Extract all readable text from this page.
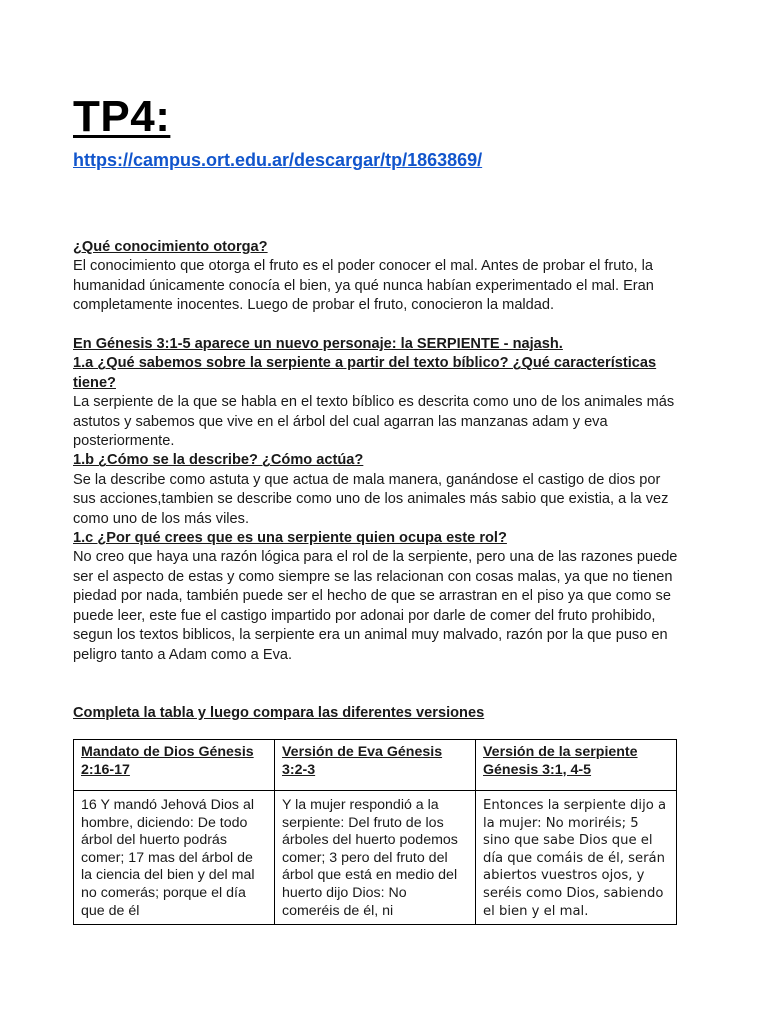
TP4:
https://campus.ort.edu.ar/descargar/tp/1863869/

¿Qué conocimiento otorga?

El conocimiento que otorga el fruto es el poder conocer el mal. Antes de probar el fruto, la humanidad únicamente conocía el bien, ya qué nunca habían experimentado el mal. Eran completamente inocentes. Luego de probar el fruto, conocieron la maldad.

En Génesis 3:1-5 aparece un nuevo personaje: la SERPIENTE - najash.

1.a ¿Qué sabemos sobre la serpiente a partir del texto bíblico? ¿Qué características tiene?

La serpiente de la que se habla en el texto bíblico es descrita como uno de los animales más astutos y sabemos que vive en el árbol del cual agarran las manzanas adam y eva posteriormente.

1.b ¿Cómo se la describe? ¿Cómo actúa?

Se la describe como astuta y que actua de mala manera, ganándose el castigo de dios por sus acciones,tambien se describe como uno de los animales más sabio que existia, a la vez como uno de los más viles.

1.c ¿Por qué crees que es una serpiente quien ocupa este rol?

No creo que haya una razón lógica para el rol de la serpiente, pero una de las razones puede ser el aspecto de estas y como siempre se las relacionan con cosas malas, ya que no tienen piedad por nada, también puede ser el hecho de que se arrastran en el piso ya que como se puede leer, este fue el castigo impartido por adonai por darle de comer del fruto prohibido, segun los textos biblicos, la serpiente era un animal muy malvado, razón por la que puso en peligro tanto a Adam como a Eva.

Completa la tabla y luego compara las diferentes versiones

Mandato de Dios Génesis 2:16-17	Versión de Eva Génesis 3:2-3	Versión de la serpiente Génesis 3:1, 4-5

16 Y mandó Jehová Dios al hombre, diciendo: De todo árbol del huerto podrás comer; 17 mas del árbol de la ciencia del bien y del mal no comerás; porque el día que de él	Y la mujer respondió a la serpiente: Del fruto de los árboles del huerto podemos comer; 3 pero del fruto del árbol que está en medio del huerto dijo Dios: No comeréis de él, ni	Entonces la serpiente dijo a la mujer: No moriréis; 5 sino que sabe Dios que el día que comáis de él, serán abiertos vuestros ojos, y seréis como Dios, sabiendo el bien y el mal.
